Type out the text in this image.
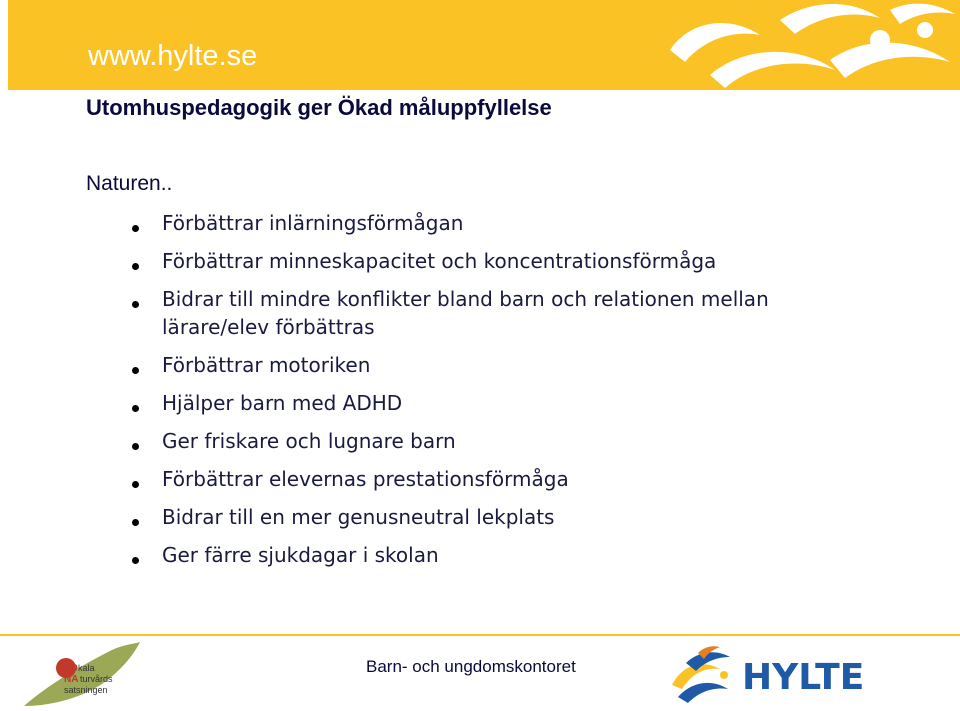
www.hylte.se
Utomhuspedagogik ger Ökad måluppfyllelse
Naturen..
Förbättrar inlärningsförmågan
Förbättrar minneskapacitet och koncentrationsförmåga
Bidrar till mindre konflikter bland barn och relationen mellan lärare/elev förbättras
Förbättrar motoriken
Hjälper barn med ADHD
Ger friskare och lugnare barn
Förbättrar elevernas prestationsförmåga
Bidrar till en mer genusneutral lekplats
Ger färre sjukdagar i skolan
LO kala
NA turvårds
satsningen
Barn- och ungdomskontoret	HYLTE
